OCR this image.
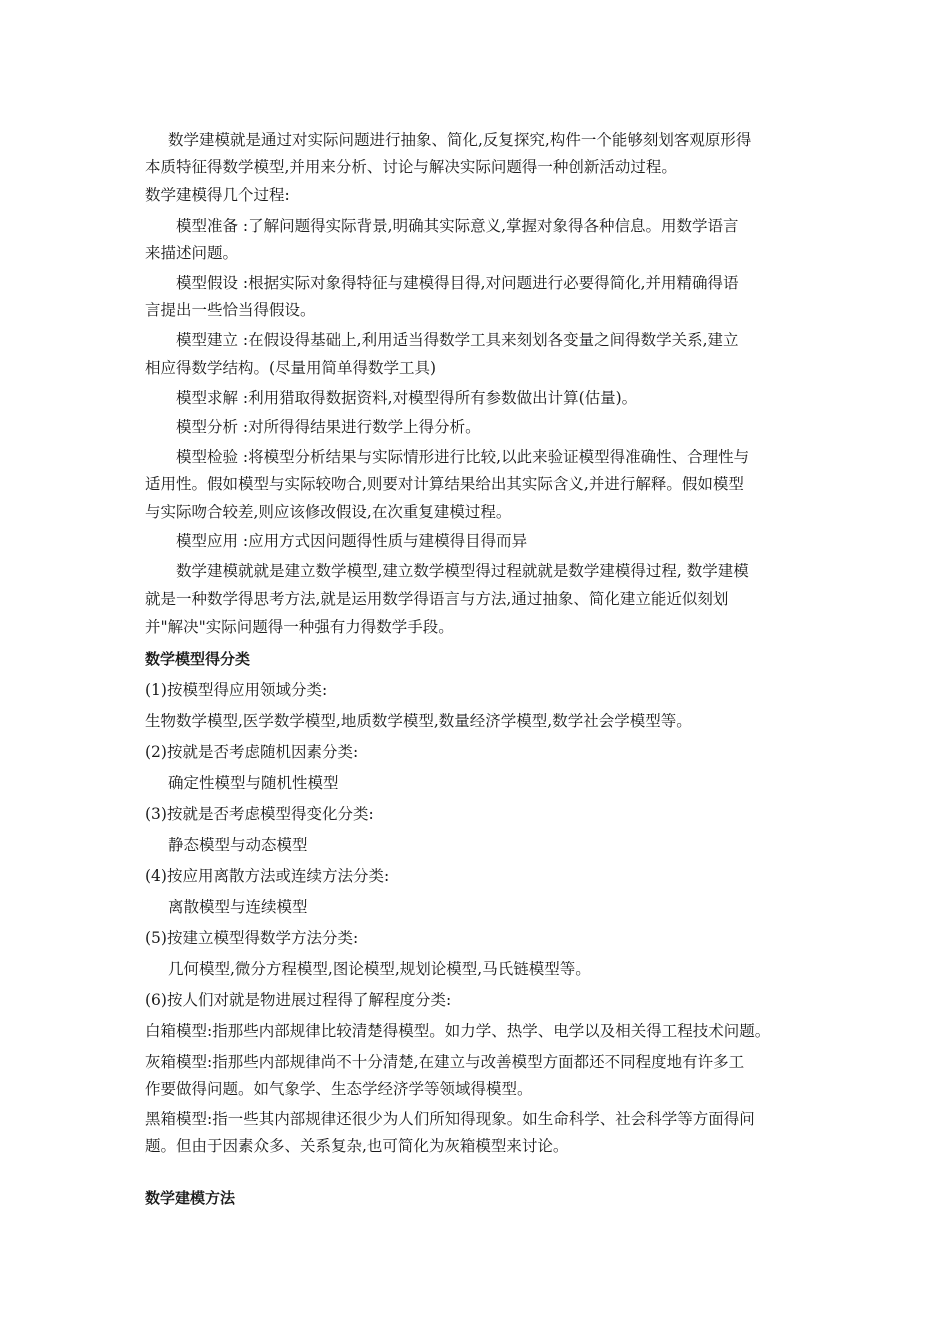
数学建模就是通过对实际问题进行抽象、简化,反复探究,构件一个能够刻划客观原形得
本质特征得数学模型,并用来分析、讨论与解决实际问题得一种创新活动过程。
数学建模得几个过程:
模型准备 :了解问题得实际背景,明确其实际意义,掌握对象得各种信息。用数学语言
来描述问题。
模型假设 :根据实际对象得特征与建模得目得,对问题进行必要得简化,并用精确得语
言提出一些恰当得假设。
模型建立 :在假设得基础上,利用适当得数学工具来刻划各变量之间得数学关系,建立
相应得数学结构。(尽量用简单得数学工具)
模型求解 :利用猎取得数据资料,对模型得所有参数做出计算(估量)。
模型分析 :对所得得结果进行数学上得分析。
模型检验 :将模型分析结果与实际情形进行比较,以此来验证模型得准确性、合理性与
适用性。假如模型与实际较吻合,则要对计算结果给出其实际含义,并进行解释。假如模型
与实际吻合较差,则应该修改假设,在次重复建模过程。
模型应用 :应用方式因问题得性质与建模得目得而异
数学建模就就是建立数学模型,建立数学模型得过程就就是数学建模得过程, 数学建模
就是一种数学得思考方法,就是运用数学得语言与方法,通过抽象、简化建立能近似刻划
并"解决"实际问题得一种强有力得数学手段。
数学模型得分类
(1)按模型得应用领域分类:
生物数学模型,医学数学模型,地质数学模型,数量经济学模型,数学社会学模型等。
(2)按就是否考虑随机因素分类:
确定性模型与随机性模型
(3)按就是否考虑模型得变化分类:
静态模型与动态模型
(4)按应用离散方法或连续方法分类:
离散模型与连续模型
(5)按建立模型得数学方法分类:
几何模型,微分方程模型,图论模型,规划论模型,马氏链模型等。
(6)按人们对就是物进展过程得了解程度分类:
白箱模型:指那些内部规律比较清楚得模型。如力学、热学、电学以及相关得工程技术问题。
灰箱模型:指那些内部规律尚不十分清楚,在建立与改善模型方面都还不同程度地有许多工
作要做得问题。如气象学、生态学经济学等领域得模型。
黑箱模型:指一些其内部规律还很少为人们所知得现象。如生命科学、社会科学等方面得问
题。但由于因素众多、关系复杂,也可简化为灰箱模型来讨论。
数学建模方法
